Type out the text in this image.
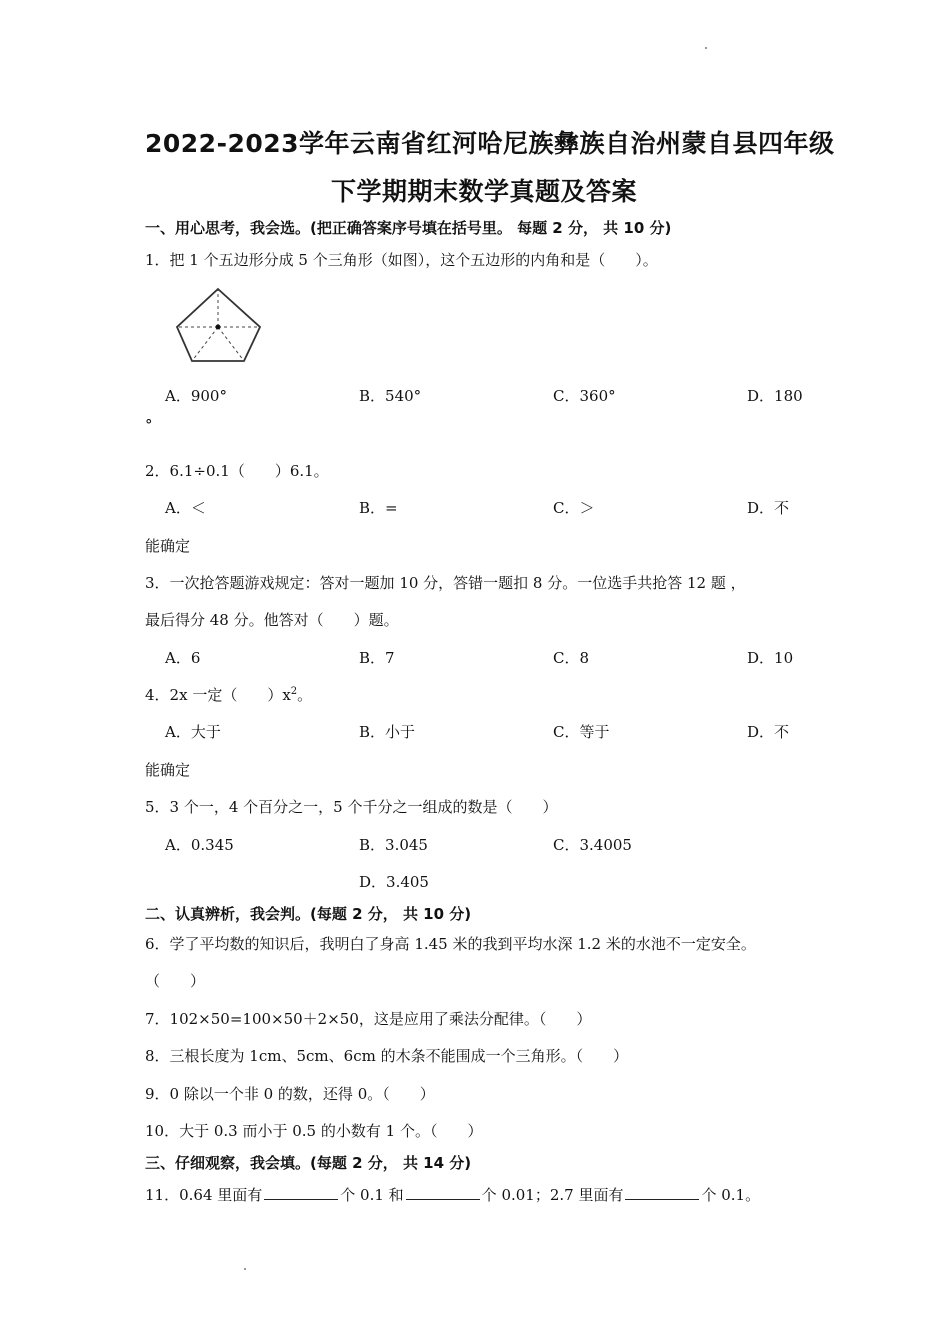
2022-2023学年云南省红河哈尼族彝族自治州蒙自县四年级
下学期期末数学真题及答案
一、用心思考，我会选。(把正确答案序号填在括号里。 每题 2 分， 共 10 分)
1．把 1 个五边形分成 5 个三角形（如图），这个五边形的内角和是（　　）。
A．900°	B．540°	C．360°	D．180
°
2．6.1÷0.1（　　）6.1。
A．＜	B．=	C．＞	D．不
能确定
3．一次抢答题游戏规定：答对一题加 10 分，答错一题扣 8 分。一位选手共抢答 12 题 ，
最后得分 48 分。他答对（　　）题。
A．6	B．7	C．8	D．10
4．2x 一定（　　）$x^2$。
A．大于	B．小于	C．等于	D．不
能确定
5．3 个一，4 个百分之一，5 个千分之一组成的数是（　　）
A．0.345	B．3.045	C．3.4005
D．3.405
二、认真辨析，我会判。(每题 2 分， 共 10 分)
6．学了平均数的知识后，我明白了身高 1.45 米的我到平均水深 1.2 米的水池不一定安全。
（　　）
7．102×50=100×50＋2×50，这是应用了乘法分配律。（　　）
8．三根长度为 1cm、5cm、6cm 的木条不能围成一个三角形。（　　）
9．0 除以一个非 0 的数，还得 0。（　　）
10．大于 0.3 而小于 0.5 的小数有 1 个。（　　）
三、仔细观察，我会填。(每题 2 分， 共 14 分)
11．0.64 里面有	个 0.1 和	个 0.01；2.7 里面有	个 0.1。
